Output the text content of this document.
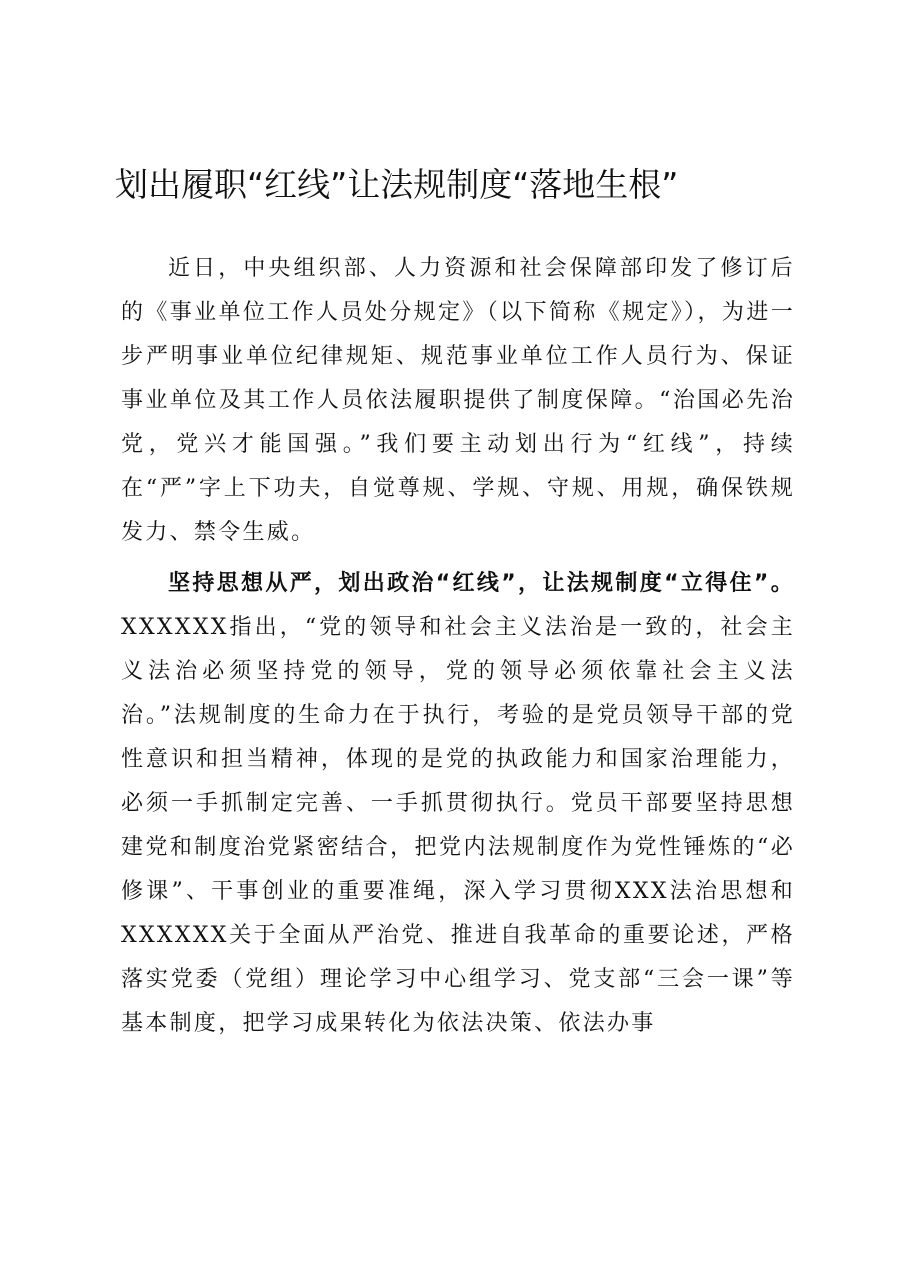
划出履职“红线”让法规制度“落地生根”

近日，中央组织部、人力资源和社会保障部印发了修订后的《事业单位工作人员处分规定》（以下简称《规定》），为进一步严明事业单位纪律规矩、规范事业单位工作人员行为、保证事业单位及其工作人员依法履职提供了制度保障。“治国必先治党，党兴才能国强。”我们要主动划出行为“红线”，持续在“严”字上下功夫，自觉尊规、学规、守规、用规，确保铁规发力、禁令生威。

坚持思想从严，划出政治“红线”，让法规制度“立得住”。XXXXXX指出，“党的领导和社会主义法治是一致的，社会主义法治必须坚持党的领导，党的领导必须依靠社会主义法治。”法规制度的生命力在于执行，考验的是党员领导干部的党性意识和担当精神，体现的是党的执政能力和国家治理能力，必须一手抓制定完善、一手抓贯彻执行。党员干部要坚持思想建党和制度治党紧密结合，把党内法规制度作为党性锤炼的“必修课”、干事创业的重要准绳，深入学习贯彻XXX法治思想和XXXXXX关于全面从严治党、推进自我革命的重要论述，严格落实党委（党组）理论学习中心组学习、党支部“三会一课”等基本制度，把学习成果转化为依法决策、依法办事
